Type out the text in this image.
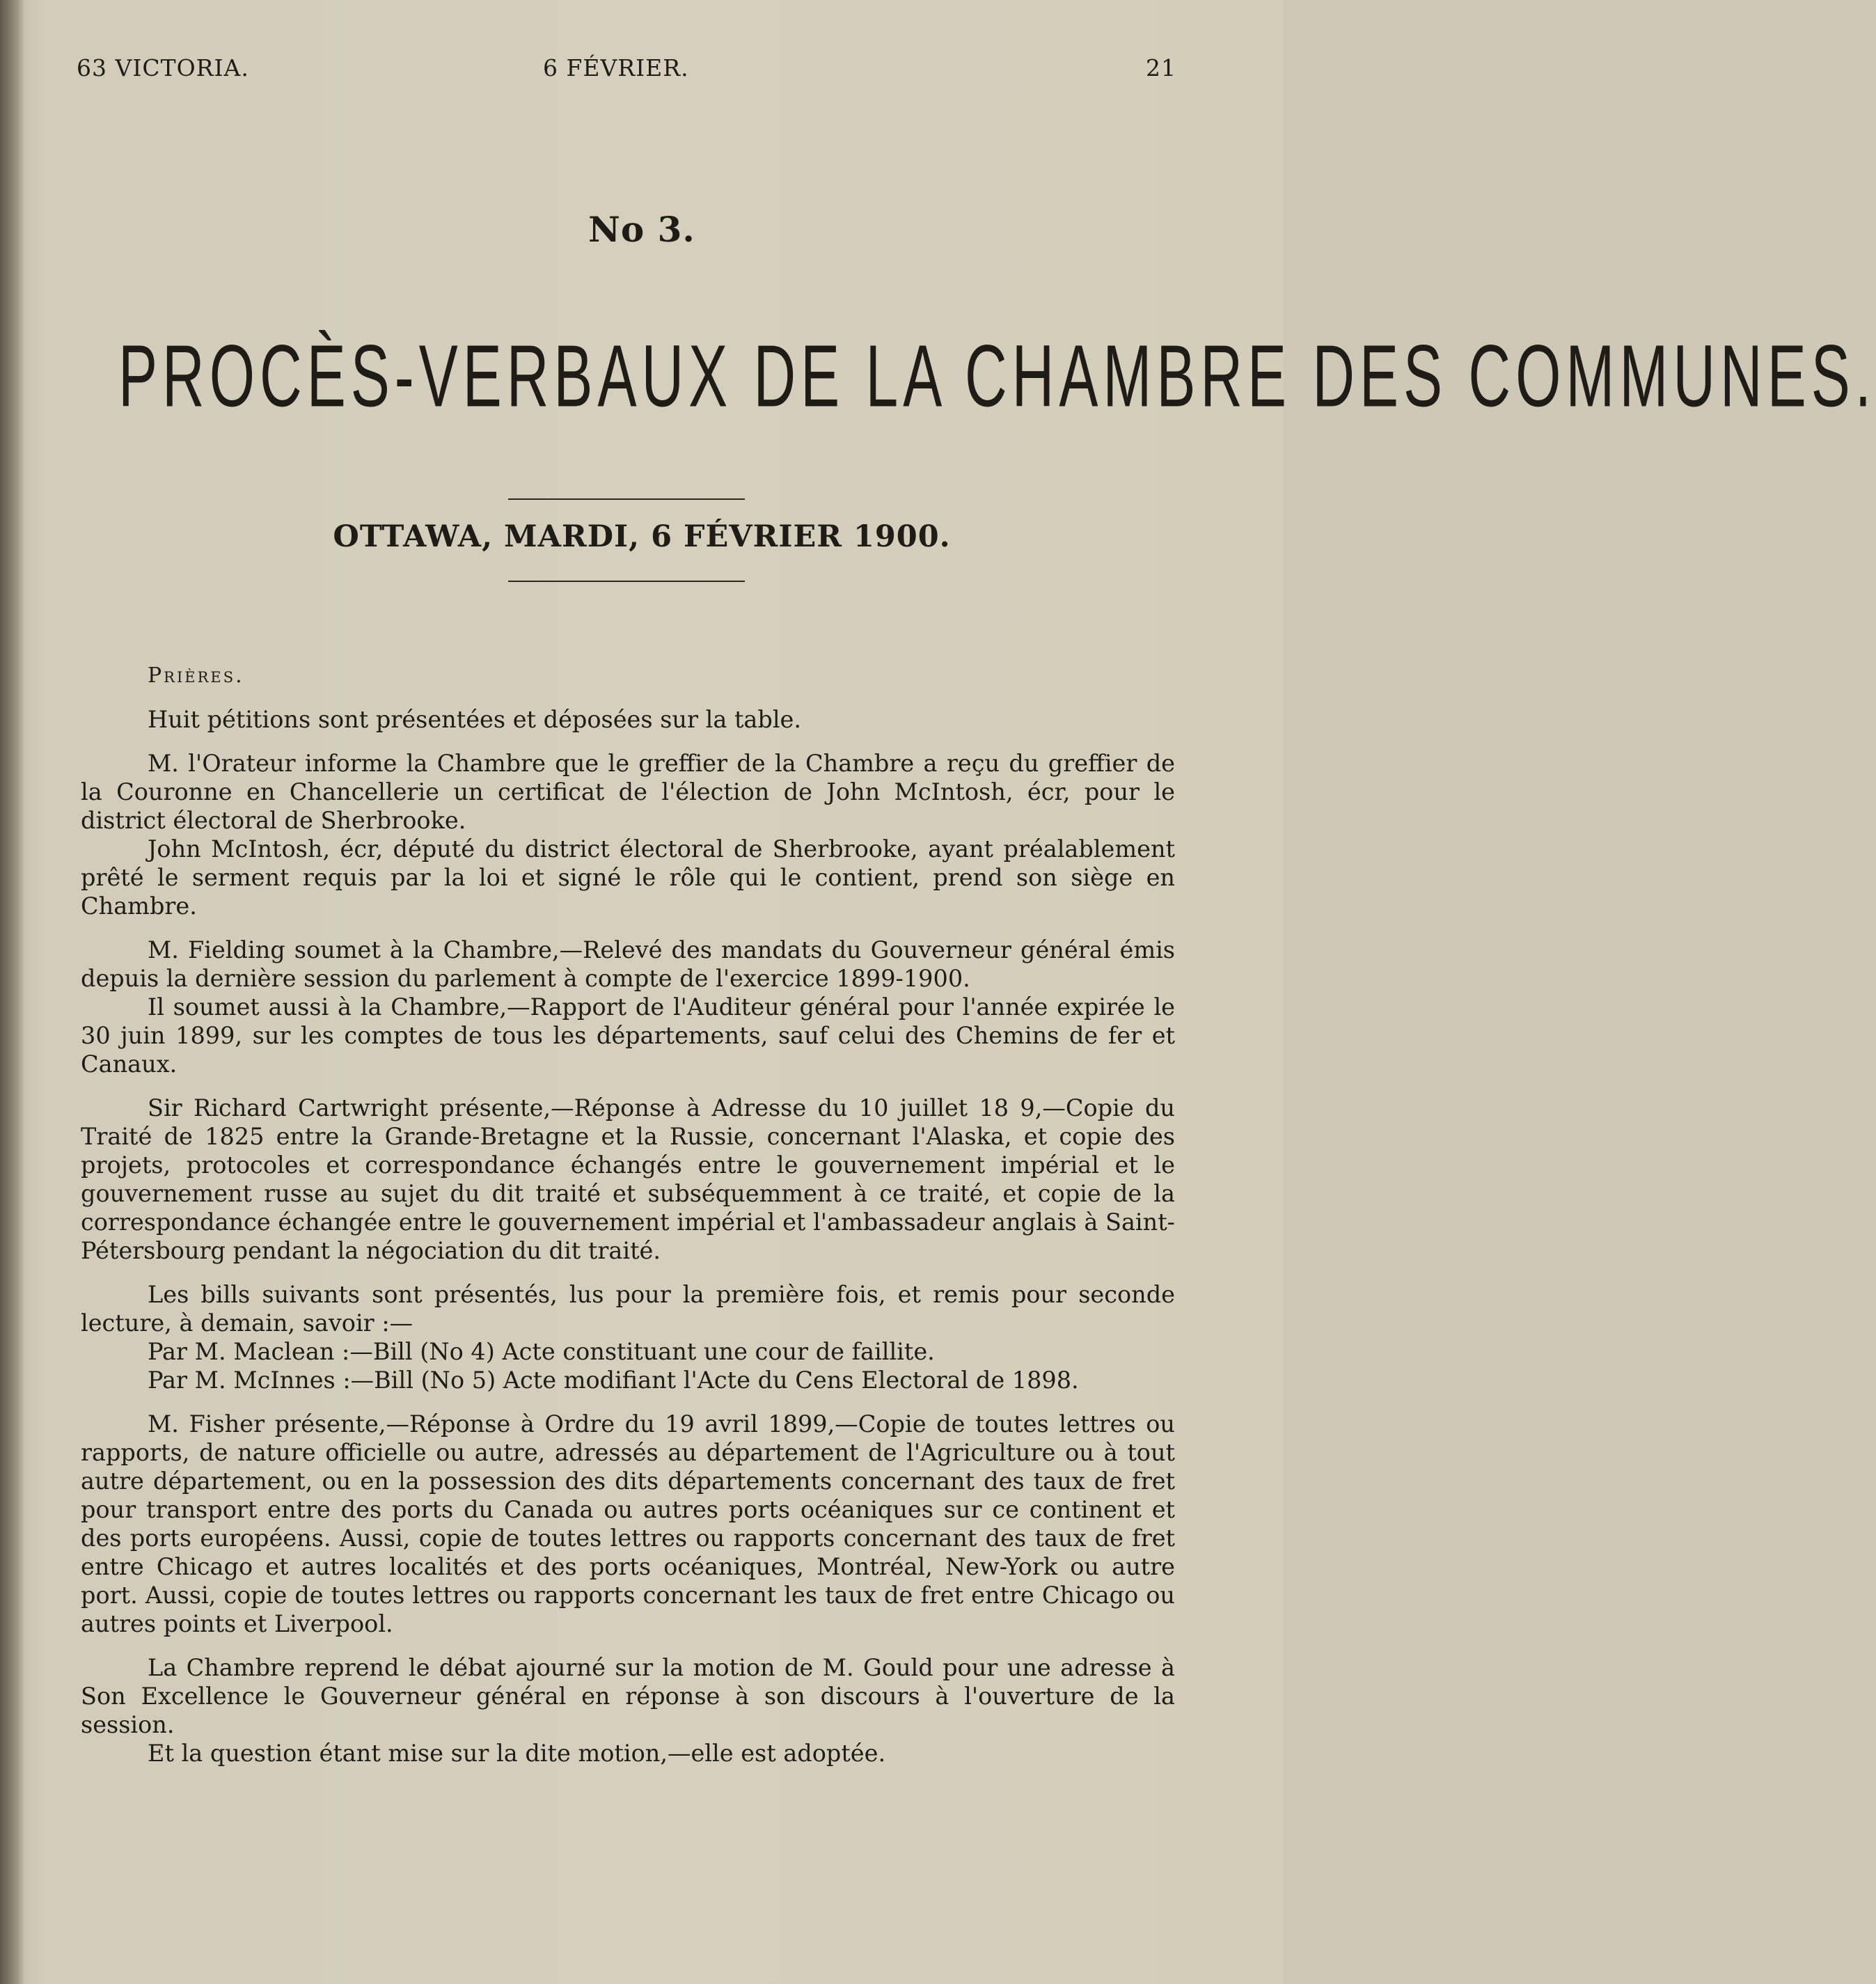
63 VICTORIA.	6 FÉVRIER.	21
No 3.
PROCÈS-VERBAUX DE LA CHAMBRE DES COMMUNES.
OTTAWA, MARDI, 6 FÉVRIER 1900.

Prières.

Huit pétitions sont présentées et déposées sur la table.

M. l'Orateur informe la Chambre que le greffier de la Chambre a reçu du greffier de la Couronne en Chancellerie un certificat de l'élection de John McIntosh, écr, pour le district électoral de Sherbrooke.

John McIntosh, écr, député du district électoral de Sherbrooke, ayant préalablement prêté le serment requis par la loi et signé le rôle qui le contient, prend son siège en Chambre.

M. Fielding soumet à la Chambre,—Relevé des mandats du Gouverneur général émis depuis la dernière session du parlement à compte de l'exercice 1899-1900.

Il soumet aussi à la Chambre,—Rapport de l'Auditeur général pour l'année expirée le 30 juin 1899, sur les comptes de tous les départements, sauf celui des Chemins de fer et Canaux.

Sir Richard Cartwright présente,—Réponse à Adresse du 10 juillet 18 9,—Copie du Traité de 1825 entre la Grande-Bretagne et la Russie, concernant l'Alaska, et copie des projets, protocoles et correspondance échangés entre le gouvernement impérial et le gouvernement russe au sujet du dit traité et subséquemment à ce traité, et copie de la correspondance échangée entre le gouvernement impérial et l'ambassadeur anglais à Saint-Pétersbourg pendant la négociation du dit traité.

Les bills suivants sont présentés, lus pour la première fois, et remis pour seconde lecture, à demain, savoir :—

Par M. Maclean :—Bill (No 4) Acte constituant une cour de faillite.

Par M. McInnes :—Bill (No 5) Acte modifiant l'Acte du Cens Electoral de 1898.

M. Fisher présente,—Réponse à Ordre du 19 avril 1899,—Copie de toutes lettres ou rapports, de nature officielle ou autre, adressés au département de l'Agriculture ou à tout autre département, ou en la possession des dits départements concernant des taux de fret pour transport entre des ports du Canada ou autres ports océaniques sur ce continent et des ports européens. Aussi, copie de toutes lettres ou rapports concernant des taux de fret entre Chicago et autres localités et des ports océaniques, Montréal, New-York ou autre port. Aussi, copie de toutes lettres ou rapports concernant les taux de fret entre Chicago ou autres points et Liverpool.

La Chambre reprend le débat ajourné sur la motion de M. Gould pour une adresse à Son Excellence le Gouverneur général en réponse à son discours à l'ouverture de la session.

Et la question étant mise sur la dite motion,—elle est adoptée.
